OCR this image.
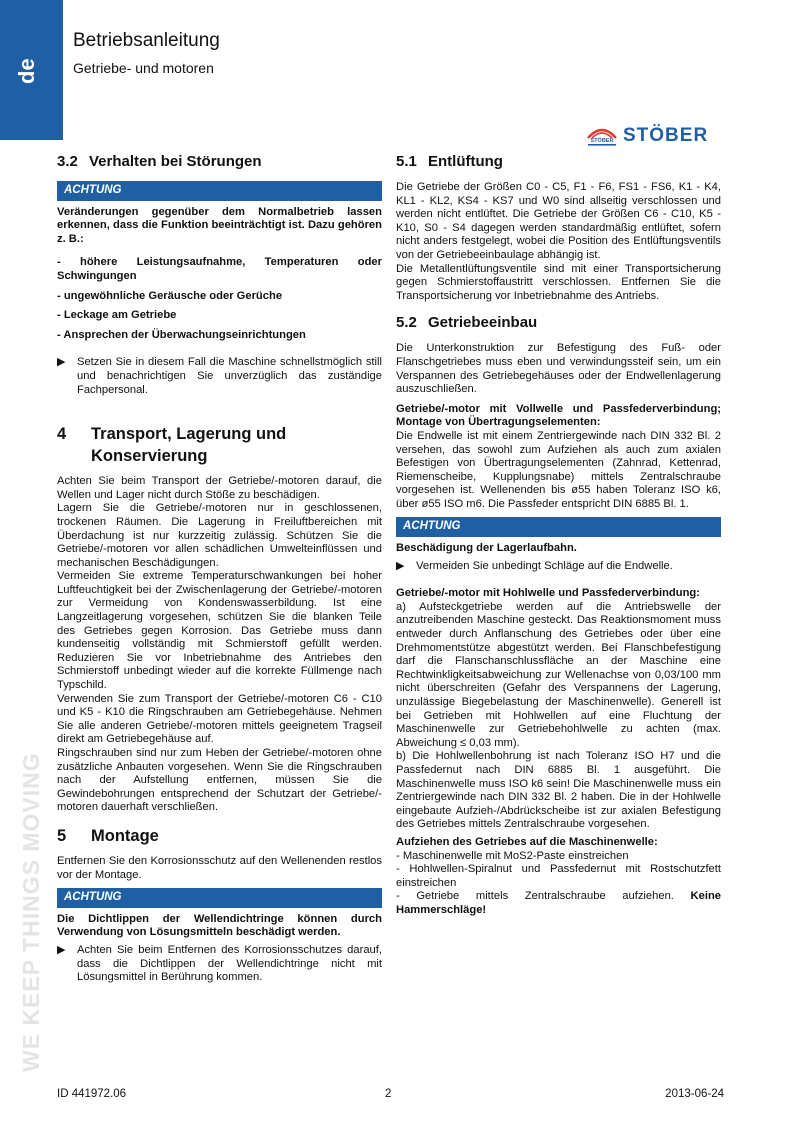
de
Betriebsanleitung
Getriebe- und motoren
STÖBER STÖBER
WE KEEP THINGS MOVING
3.2 Verhalten bei Störungen
ACHTUNG

Veränderungen gegenüber dem Normalbetrieb lassen erkennen, dass die Funktion beeinträchtigt ist. Dazu gehören z. B.:

- höhere Leistungsaufnahme, Temperaturen oder Schwingungen

- ungewöhnliche Geräusche oder Gerüche

- Leckage am Getriebe

- Ansprechen der Überwachungseinrichtungen

▶	Setzen Sie in diesem Fall die Maschine schnellstmöglich still und benachrichtigen Sie unverzüglich das zuständige Fachpersonal.

4	Transport, Lagerung und Konservierung

Achten Sie beim Transport der Getriebe/-motoren darauf, die Wellen und Lager nicht durch Stöße zu beschädigen.

Lagern Sie die Getriebe/-motoren nur in geschlossenen, trockenen Räumen. Die Lagerung in Freiluftbereichen mit Überdachung ist nur kurzzeitig zulässig. Schützen Sie die Getriebe/-motoren vor allen schädlichen Umwelteinflüssen und mechanischen Beschädigungen.

Vermeiden Sie extreme Temperaturschwankungen bei hoher Luftfeuchtigkeit bei der Zwischenlagerung der Getriebe/-motoren zur Vermeidung von Kondenswasserbildung. Ist eine Langzeitlagerung vorgesehen, schützen Sie die blanken Teile des Getriebes gegen Korrosion. Das Getriebe muss dann kundenseitig vollständig mit Schmierstoff gefüllt werden. Reduzieren Sie vor Inbetriebnahme des Antriebes den Schmierstoff unbedingt wieder auf die korrekte Füllmenge nach Typschild.

Verwenden Sie zum Transport der Getriebe/-motoren C6 - C10 und K5 - K10 die Ringschrauben am Getriebegehäuse. Nehmen Sie alle anderen Getriebe/-motoren mittels geeignetem Tragseil direkt am Getriebegehäuse auf.

Ringschrauben sind nur zum Heben der Getriebe/-motoren ohne zusätzliche Anbauten vorgesehen. Wenn Sie die Ringschrauben nach der Aufstellung entfernen, müssen Sie die Gewindebohrungen entsprechend der Schutzart der Getriebe/-motoren dauerhaft verschließen.

5	Montage

Entfernen Sie den Korrosionsschutz auf den Wellenenden restlos vor der Montage.

ACHTUNG

Die Dichtlippen der Wellendichtringe können durch Verwendung von Lösungsmitteln beschädigt werden.

▶	Achten Sie beim Entfernen des Korrosionsschutzes darauf, dass die Dichtlippen der Wellendichtringe nicht mit Lösungsmittel in Berührung kommen.

5.1 Entlüftung

Die Getriebe der Größen C0 - C5, F1 - F6, FS1 - FS6, K1 - K4, KL1 - KL2, KS4 - KS7 und W0 sind allseitig verschlossen und werden nicht entlüftet. Die Getriebe der Größen C6 - C10, K5 - K10, S0 - S4 dagegen werden standardmäßig entlüftet, sofern nicht anders festgelegt, wobei die Position des Entlüftungsventils von der Getriebeeinbaulage abhängig ist.

Die Metallentlüftungsventile sind mit einer Transportsicherung gegen Schmierstoffaustritt verschlossen. Entfernen Sie die Transportsicherung vor Inbetriebnahme des Antriebs.

5.2 Getriebeeinbau

Die Unterkonstruktion zur Befestigung des Fuß- oder Flanschgetriebes muss eben und verwindungssteif sein, um ein Verspannen des Getriebegehäuses oder der Endwellenlagerung auszuschließen.

Getriebe/-motor mit Vollwelle und Passfederverbindung; Montage von Übertragungselementen:

Die Endwelle ist mit einem Zentriergewinde nach DIN 332 Bl. 2 versehen, das sowohl zum Aufziehen als auch zum axialen Befestigen von Übertragungselementen (Zahnrad, Kettenrad, Riemenscheibe, Kupplungsnabe) mittels Zentralschraube vorgesehen ist. Wellenenden bis ø55 haben Toleranz ISO k6, über ø55 ISO m6. Die Passfeder entspricht DIN 6885 Bl. 1.

ACHTUNG

Beschädigung der Lagerlaufbahn.

▶	Vermeiden Sie unbedingt Schläge auf die Endwelle.

Getriebe/-motor mit Hohlwelle und Passfederverbindung:

a) Aufsteckgetriebe werden auf die Antriebswelle der anzutreibenden Maschine gesteckt. Das Reaktionsmoment muss entweder durch Anflanschung des Getriebes oder über eine Drehmomentstütze abgestützt werden. Bei Flanschbefestigung darf die Flanschanschlussfläche an der Maschine eine Rechtwinkligkeitsabweichung zur Wellenachse von 0,03/100 mm nicht überschreiten (Gefahr des Verspannens der Lagerung, unzulässige Biegebelastung der Maschinenwelle). Generell ist bei Getrieben mit Hohlwellen auf eine Fluchtung der Maschinenwelle zur Getriebehohlwelle zu achten (max. Abweichung ≤ 0,03 mm).

b) Die Hohlwellenbohrung ist nach Toleranz ISO H7 und die Passfedernut nach DIN 6885 Bl. 1 ausgeführt. Die Maschinenwelle muss ISO k6 sein! Die Maschinenwelle muss ein Zentriergewinde nach DIN 332 Bl. 2 haben. Die in der Hohlwelle eingebaute Aufzieh-/Abdrückscheibe ist zur axialen Befestigung des Getriebes mittels Zentralschraube vorgesehen.

Aufziehen des Getriebes auf die Maschinenwelle:

- Maschinenwelle mit MoS2-Paste einstreichen

- Hohlwellen-Spiralnut und Passfedernut mit Rostschutzfett einstreichen

- Getriebe mittels Zentralschraube aufziehen. Keine Hammerschläge!

ID 441972.06	2	2013-06-24
